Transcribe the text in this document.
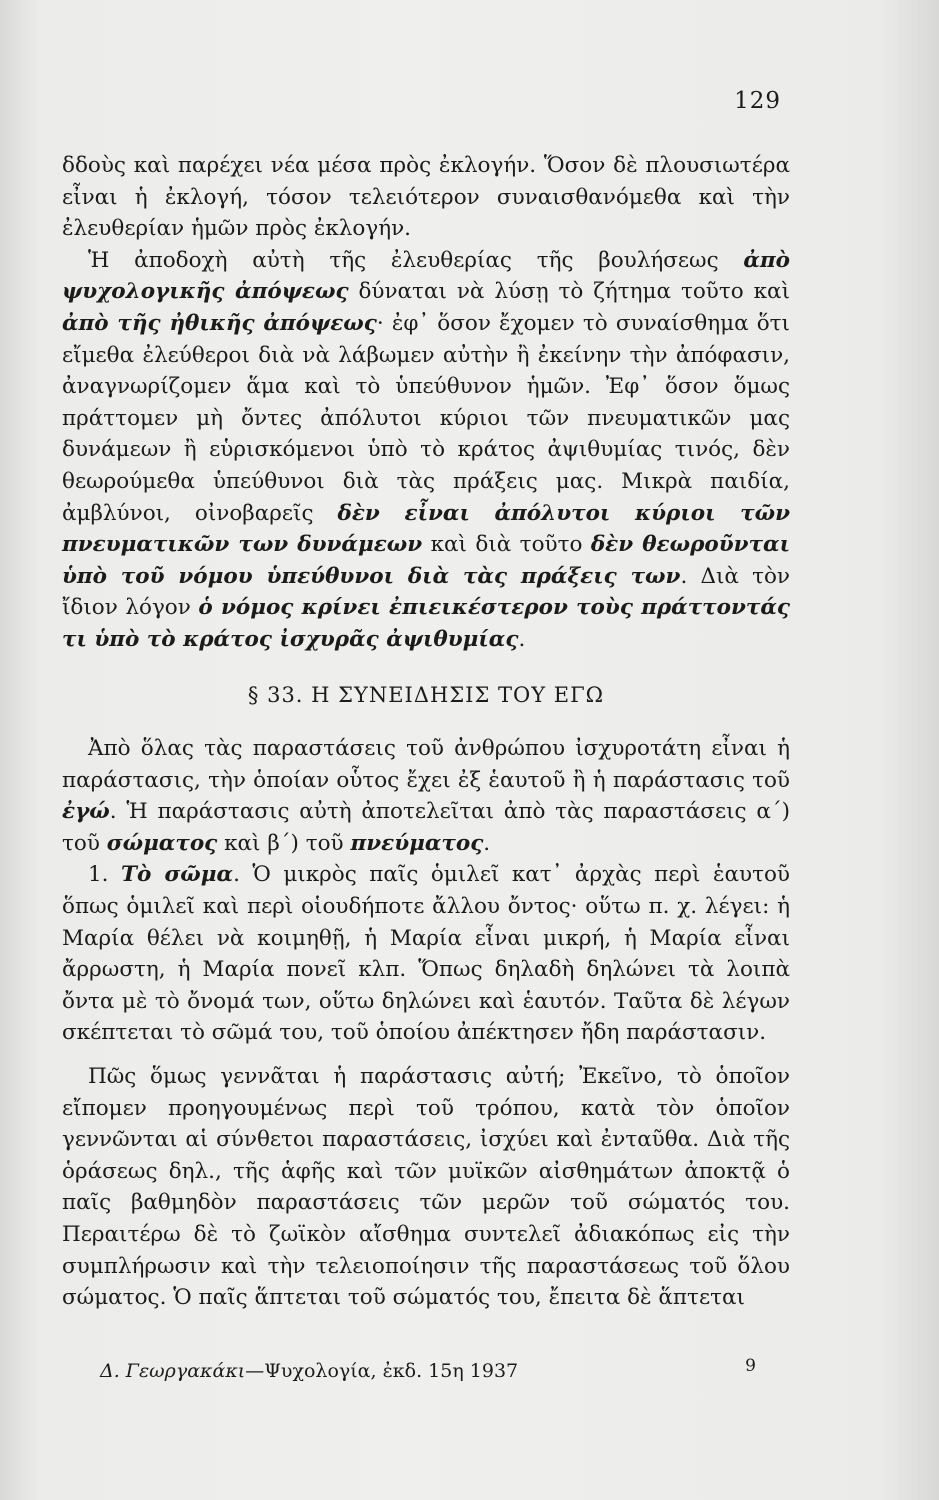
129

δδοὺς καὶ παρέχει νέα μέσα πρὸς ἐκλογήν. Ὅσον δὲ πλουσιωτέρα εἶναι ἡ ἐκλογή, τόσον τελειότερον συναισθανόμεθα καὶ τὴν ἐλευθερίαν ἡμῶν πρὸς ἐκλογήν.

Ἡ ἀποδοχὴ αὐτὴ τῆς ἐλευθερίας τῆς βουλήσεως ἀπὸ ψυχολογικῆς ἀπόψεως δύναται νὰ λύσῃ τὸ ζήτημα τοῦτο καὶ ἀπὸ τῆς ἠθικῆς ἀπόψεως· ἐφ᾿ ὅσον ἔχομεν τὸ συναίσθημα ὅτι εἴμεθα ἐλεύθεροι διὰ νὰ λάβωμεν αὐτὴν ἢ ἐκείνην τὴν ἀπόφασιν, ἀναγνωρίζομεν ἅμα καὶ τὸ ὑπεύθυνον ἡμῶν. Ἐφ᾿ ὅσον ὅμως πράττομεν μὴ ὄντες ἀπόλυτοι κύριοι τῶν πνευματικῶν μας δυνάμεων ἢ εὑρισκόμενοι ὑπὸ τὸ κράτος ἀψιθυμίας τινός, δὲν θεωρούμεθα ὑπεύθυνοι διὰ τὰς πράξεις μας. Μικρὰ παιδία, ἀμβλύνοι, οἰνοβαρεῖς δὲν εἶναι ἀπόλυτοι κύριοι τῶν πνευματικῶν των δυνάμεων καὶ διὰ τοῦτο δὲν θεωροῦνται ὑπὸ τοῦ νόμου ὑπεύθυνοι διὰ τὰς πράξεις των. Διὰ τὸν ἴδιον λόγον ὁ νόμος κρίνει ἐπιεικέστερον τοὺς πράττοντάς τι ὑπὸ τὸ κράτος ἰσχυρᾶς ἀψιθυμίας.

§ 33. Η ΣΥΝΕΙΔΗΣΙΣ ΤΟΥ ΕΓΩ

Ἀπὸ ὅλας τὰς παραστάσεις τοῦ ἀνθρώπου ἰσχυροτάτη εἶναι ἡ παράστασις, τὴν ὁποίαν οὗτος ἔχει ἐξ ἑαυτοῦ ἢ ἡ παράστασις τοῦ ἐγώ. Ἡ παράστασις αὐτὴ ἀποτελεῖται ἀπὸ τὰς παραστάσεις α΄) τοῦ σώματος καὶ β΄) τοῦ πνεύματος.

1. Τὸ σῶμα. Ὁ μικρὸς παῖς ὁμιλεῖ κατ᾿ ἀρχὰς περὶ ἑαυτοῦ ὅπως ὁμιλεῖ καὶ περὶ οἱουδήποτε ἄλλου ὄντος· οὕτω π. χ. λέγει: ἡ Μαρία θέλει νὰ κοιμηθῇ, ἡ Μαρία εἶναι μικρή, ἡ Μαρία εἶναι ἄρρωστη, ἡ Μαρία πονεῖ κλπ. Ὅπως δηλαδὴ δηλώνει τὰ λοιπὰ ὄντα μὲ τὸ ὄνομά των, οὕτω δηλώνει καὶ ἑαυτόν. Ταῦτα δὲ λέγων σκέπτεται τὸ σῶμά του, τοῦ ὁποίου ἀπέκτησεν ἤδη παράστασιν.

Πῶς ὅμως γεννᾶται ἡ παράστασις αὐτή; Ἐκεῖνο, τὸ ὁποῖον εἴπομεν προηγουμένως περὶ τοῦ τρόπου, κατὰ τὸν ὁποῖον γεννῶνται αἱ σύνθετοι παραστάσεις, ἰσχύει καὶ ἐνταῦθα. Διὰ τῆς ὁράσεως δηλ., τῆς ἁφῆς καὶ τῶν μυϊκῶν αἰσθημάτων ἀποκτᾷ ὁ παῖς βαθμηδὸν παραστάσεις τῶν μερῶν τοῦ σώματός του. Περαιτέρω δὲ τὸ ζωϊκὸν αἴσθημα συντελεῖ ἀδιακόπως εἰς τὴν συμπλήρωσιν καὶ τὴν τελειοποίησιν τῆς παραστάσεως τοῦ ὅλου σώματος. Ὁ παῖς ἅπτεται τοῦ σώματός του, ἔπειτα δὲ ἅπτεται

Δ. Γεωργακάκι—Ψυχολογία, ἐκδ. 15η 1937	9
